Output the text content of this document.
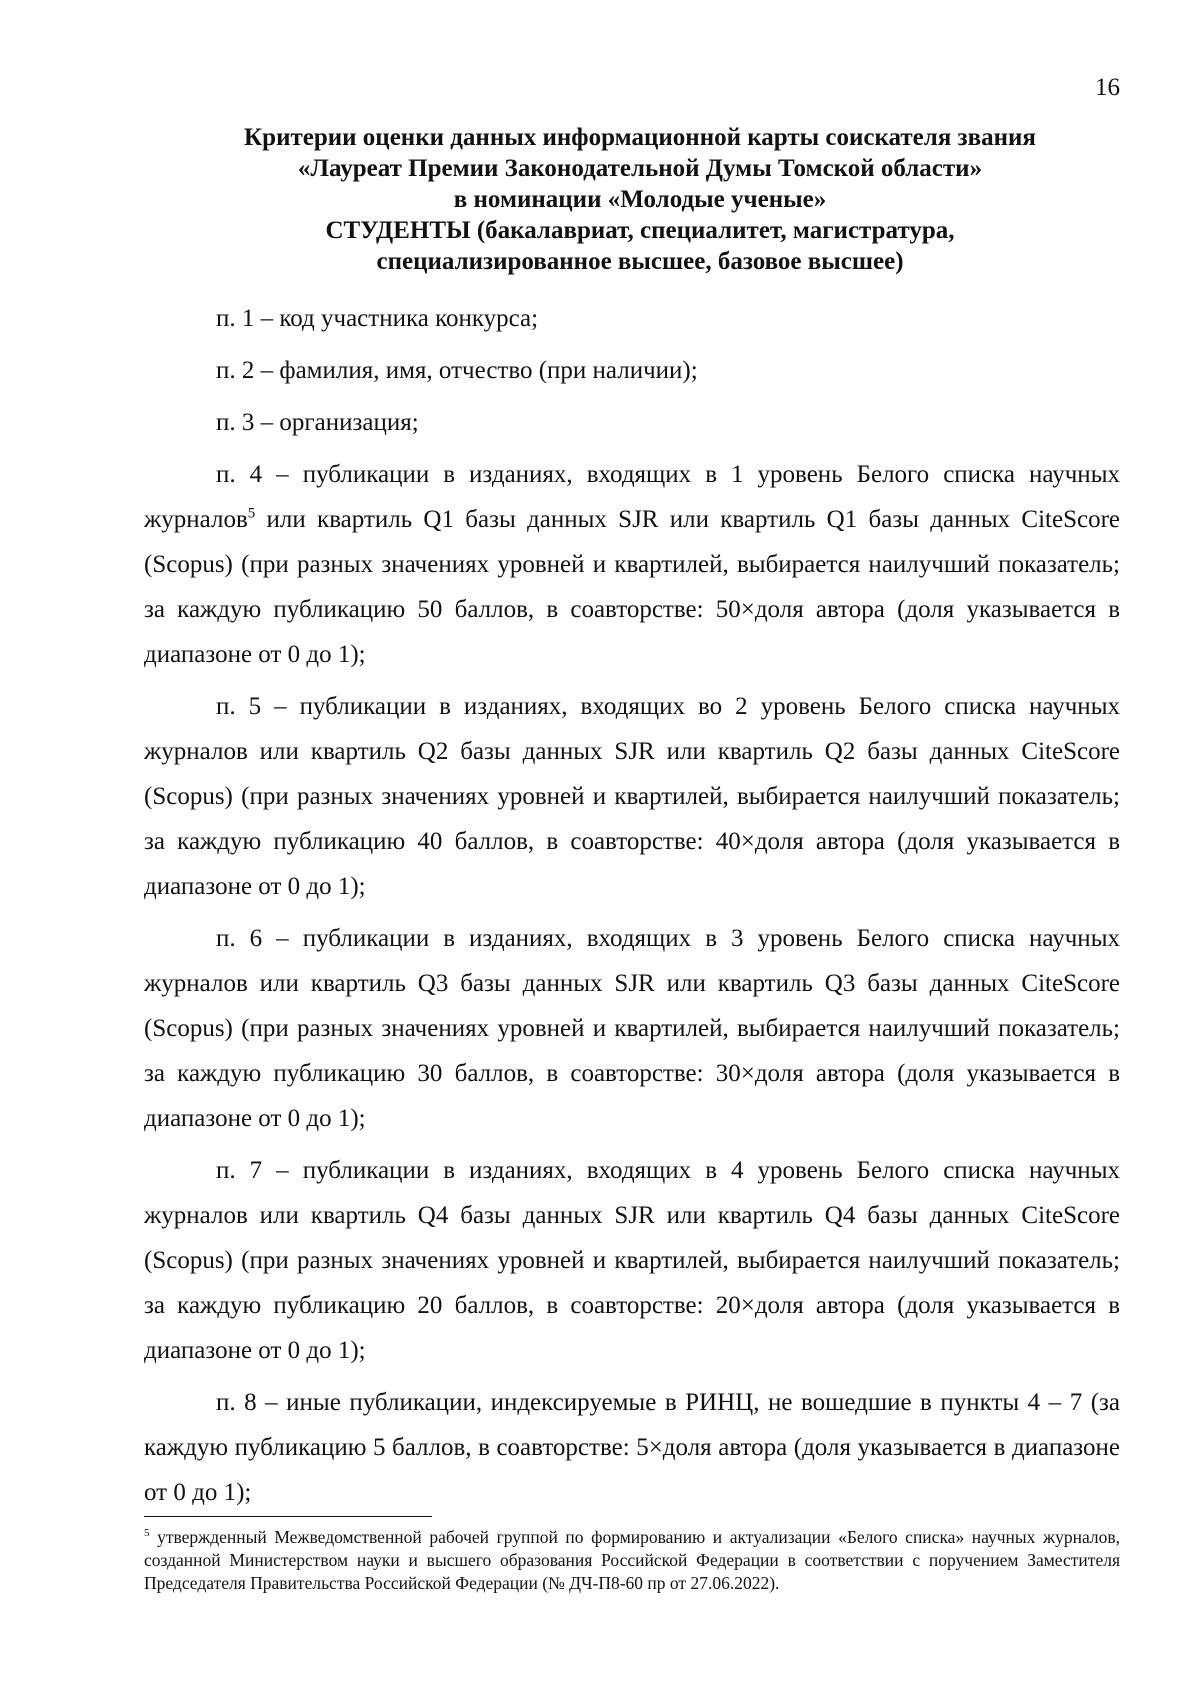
16
Критерии оценки данных информационной карты соискателя звания
«Лауреат Премии Законодательной Думы Томской области»
в номинации «Молодые ученые»
СТУДЕНТЫ (бакалавриат, специалитет, магистратура,
специализированное высшее, базовое высшее)

п. 1 – код участника конкурса;

п. 2 – фамилия, имя, отчество (при наличии);

п. 3 – организация;

п. 4 – публикации в изданиях, входящих в 1 уровень Белого списка научных журналов$^5$ или квартиль Q1 базы данных SJR или квартиль Q1 базы данных CiteScore (Scopus) (при разных значениях уровней и квартилей, выбирается наилучший показатель; за каждую публикацию 50 баллов, в соавторстве: 50×доля автора (доля указывается в диапазоне от 0 до 1);

п. 5 – публикации в изданиях, входящих во 2 уровень Белого списка научных журналов или квартиль Q2 базы данных SJR или квартиль Q2 базы данных CiteScore (Scopus) (при разных значениях уровней и квартилей, выбирается наилучший показатель; за каждую публикацию 40 баллов, в соавторстве: 40×доля автора (доля указывается в диапазоне от 0 до 1);

п. 6 – публикации в изданиях, входящих в 3 уровень Белого списка научных журналов или квартиль Q3 базы данных SJR или квартиль Q3 базы данных CiteScore (Scopus) (при разных значениях уровней и квартилей, выбирается наилучший показатель; за каждую публикацию 30 баллов, в соавторстве: 30×доля автора (доля указывается в диапазоне от 0 до 1);

п. 7 – публикации в изданиях, входящих в 4 уровень Белого списка научных журналов или квартиль Q4 базы данных SJR или квартиль Q4 базы данных CiteScore (Scopus) (при разных значениях уровней и квартилей, выбирается наилучший показатель; за каждую публикацию 20 баллов, в соавторстве: 20×доля автора (доля указывается в диапазоне от 0 до 1);

п. 8 – иные публикации, индексируемые в РИНЦ, не вошедшие в пункты 4 – 7 (за каждую публикацию 5 баллов, в соавторстве: 5×доля автора (доля указывается в диапазоне от 0 до 1);

$^5$ утвержденный Межведомственной рабочей группой по формированию и актуализации «Белого списка» научных журналов, созданной Министерством науки и высшего образования Российской Федерации в соответствии с поручением Заместителя Председателя Правительства Российской Федерации (№ ДЧ-П8-60 пр от 27.06.2022).
